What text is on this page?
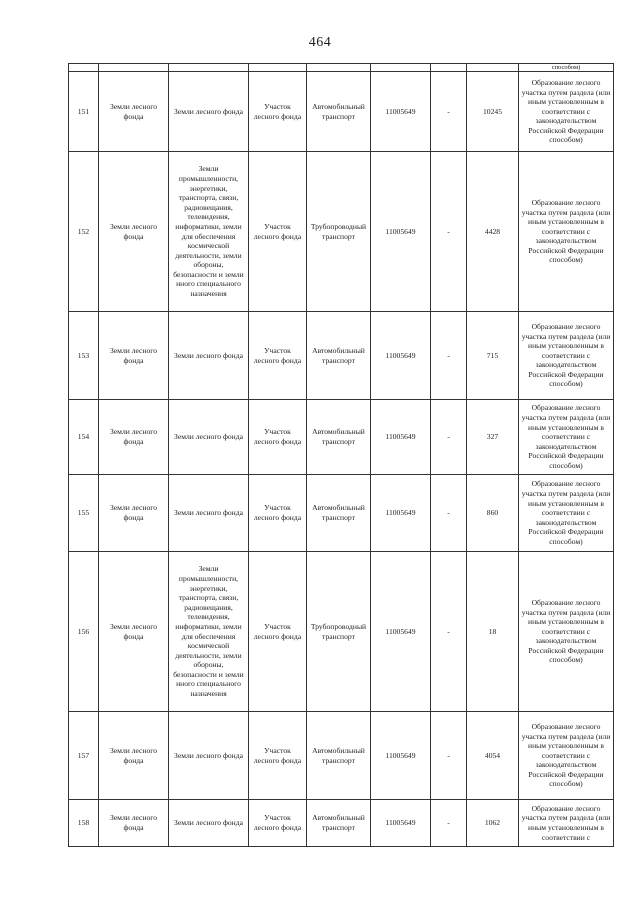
464
								способом)
151	Земли лесного фонда	Земли лесного фонда	Участок лесного фонда	Автомобильный транспорт	11005649	-	10245	Образование лесного участка путем раздела (или иным установленным в соответствии с законодательством Российской Федерации способом)
152	Земли лесного фонда	Земли промышленности, энергетики, транспорта, связи, радиовещания, телевидения, информатики, земли для обеспечения космической деятельности, земли обороны, безопасности и земли иного специального назначения	Участок лесного фонда	Трубопроводный транспорт	11005649	-	4428	Образование лесного участка путем раздела (или иным установленным в соответствии с законодательством Российской Федерации способом)
153	Земли лесного фонда	Земли лесного фонда	Участок лесного фонда	Автомобильный транспорт	11005649	-	715	Образование лесного участка путем раздела (или иным установленным в соответствии с законодательством Российской Федерации способом)
154	Земли лесного фонда	Земли лесного фонда	Участок лесного фонда	Автомобильный транспорт	11005649	-	327	Образование лесного участка путем раздела (или иным установленным в соответствии с законодательством Российской Федерации способом)
155	Земли лесного фонда	Земли лесного фонда	Участок лесного фонда	Автомобильный транспорт	11005649	-	860	Образование лесного участка путем раздела (или иным установленным в соответствии с законодательством Российской Федерации способом)
156	Земли лесного фонда	Земли промышленности, энергетики, транспорта, связи, радиовещания, телевидения, информатики, земли для обеспечения космической деятельности, земли обороны, безопасности и земли иного специального назначения	Участок лесного фонда	Трубопроводный транспорт	11005649	-	18	Образование лесного участка путем раздела (или иным установленным в соответствии с законодательством Российской Федерации способом)
157	Земли лесного фонда	Земли лесного фонда	Участок лесного фонда	Автомобильный транспорт	11005649	-	4054	Образование лесного участка путем раздела (или иным установленным в соответствии с законодательством Российской Федерации способом)
158	Земли лесного фонда	Земли лесного фонда	Участок лесного фонда	Автомобильный транспорт	11005649	-	1062	Образование лесного участка путем раздела (или иным установленным в соответствии с
